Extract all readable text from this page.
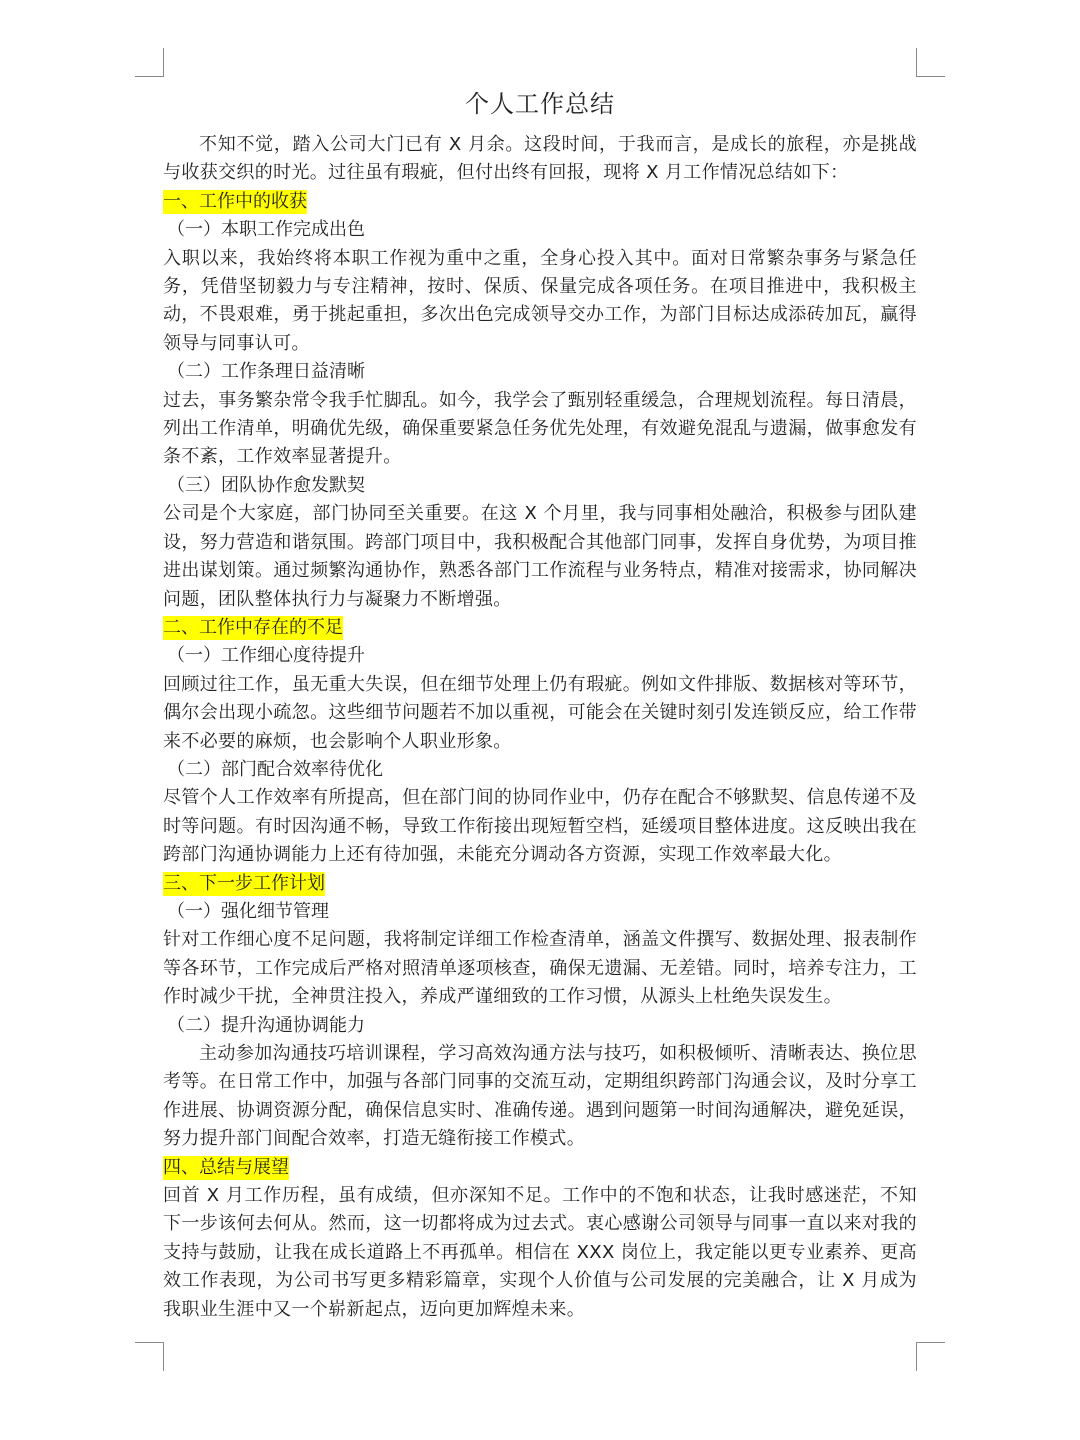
个人工作总结

不知不觉，踏入公司大门已有 X 月余。这段时间，于我而言，是成长的旅程，亦是挑战与收获交织的时光。过往虽有瑕疵，但付出终有回报，现将 X 月工作情况总结如下：

一、工作中的收获
（一）本职工作完成出色

入职以来，我始终将本职工作视为重中之重，全身心投入其中。面对日常繁杂事务与紧急任务，凭借坚韧毅力与专注精神，按时、保质、保量完成各项任务。在项目推进中，我积极主动，不畏艰难，勇于挑起重担，多次出色完成领导交办工作，为部门目标达成添砖加瓦，赢得领导与同事认可。

（二）工作条理日益清晰

过去，事务繁杂常令我手忙脚乱。如今，我学会了甄别轻重缓急，合理规划流程。每日清晨，列出工作清单，明确优先级，确保重要紧急任务优先处理，有效避免混乱与遗漏，做事愈发有条不紊，工作效率显著提升。

（三）团队协作愈发默契

公司是个大家庭，部门协同至关重要。在这 X 个月里，我与同事相处融洽，积极参与团队建设，努力营造和谐氛围。跨部门项目中，我积极配合其他部门同事，发挥自身优势，为项目推进出谋划策。通过频繁沟通协作，熟悉各部门工作流程与业务特点，精准对接需求，协同解决问题，团队整体执行力与凝聚力不断增强。

二、工作中存在的不足
（一）工作细心度待提升

回顾过往工作，虽无重大失误，但在细节处理上仍有瑕疵。例如文件排版、数据核对等环节，偶尔会出现小疏忽。这些细节问题若不加以重视，可能会在关键时刻引发连锁反应，给工作带来不必要的麻烦，也会影响个人职业形象。

（二）部门配合效率待优化

尽管个人工作效率有所提高，但在部门间的协同作业中，仍存在配合不够默契、信息传递不及时等问题。有时因沟通不畅，导致工作衔接出现短暂空档，延缓项目整体进度。这反映出我在跨部门沟通协调能力上还有待加强，未能充分调动各方资源，实现工作效率最大化。

三、下一步工作计划
（一）强化细节管理

针对工作细心度不足问题，我将制定详细工作检查清单，涵盖文件撰写、数据处理、报表制作等各环节，工作完成后严格对照清单逐项核查，确保无遗漏、无差错。同时，培养专注力，工作时减少干扰，全神贯注投入，养成严谨细致的工作习惯，从源头上杜绝失误发生。

（二）提升沟通协调能力

主动参加沟通技巧培训课程，学习高效沟通方法与技巧，如积极倾听、清晰表达、换位思考等。在日常工作中，加强与各部门同事的交流互动，定期组织跨部门沟通会议，及时分享工作进展、协调资源分配，确保信息实时、准确传递。遇到问题第一时间沟通解决，避免延误，努力提升部门间配合效率，打造无缝衔接工作模式。

四、总结与展望

回首 X 月工作历程，虽有成绩，但亦深知不足。工作中的不饱和状态，让我时感迷茫，不知下一步该何去何从。然而，这一切都将成为过去式。衷心感谢公司领导与同事一直以来对我的支持与鼓励，让我在成长道路上不再孤单。相信在 XXX 岗位上，我定能以更专业素养、更高效工作表现，为公司书写更多精彩篇章，实现个人价值与公司发展的完美融合，让 X 月成为我职业生涯中又一个崭新起点，迈向更加辉煌未来。
